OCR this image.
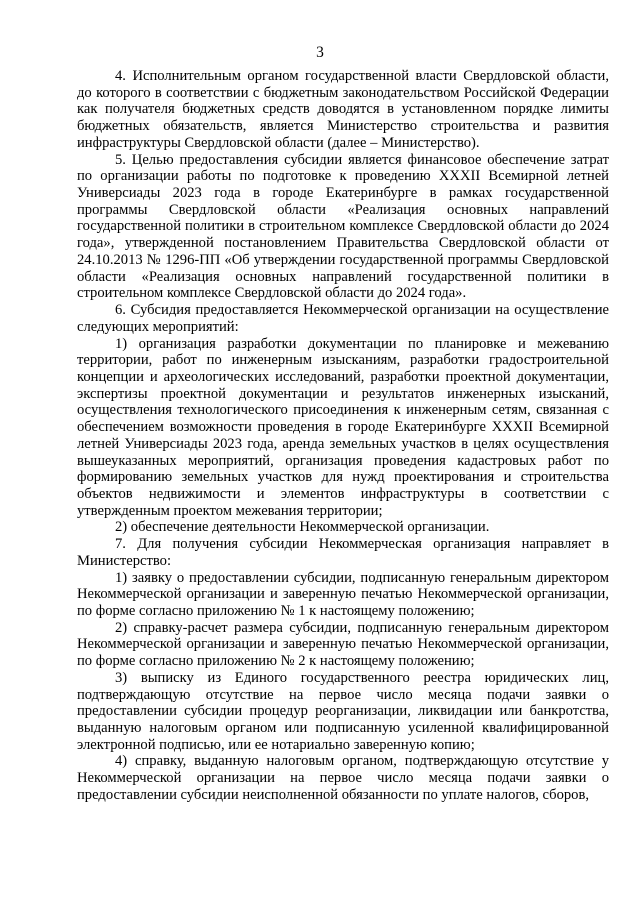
3

4. Исполнительным органом государственной власти Свердловской области, до которого в соответствии с бюджетным законодательством Российской Федерации как получателя бюджетных средств доводятся в установленном порядке лимиты бюджетных обязательств, является Министерство строительства и развития инфраструктуры Свердловской области (далее – Министерство).

5. Целью предоставления субсидии является финансовое обеспечение затрат по организации работы по подготовке к проведению XXXII Всемирной летней Универсиады 2023 года в городе Екатеринбурге в рамках государственной программы Свердловской области «Реализация основных направлений государственной политики в строительном комплексе Свердловской области до 2024 года», утвержденной постановлением Правительства Свердловской области от 24.10.2013 № 1296-ПП «Об утверждении государственной программы Свердловской области «Реализация основных направлений государственной политики в строительном комплексе Свердловской области до 2024 года».

6. Субсидия предоставляется Некоммерческой организации на осуществление следующих мероприятий:

1) организация разработки документации по планировке и межеванию территории, работ по инженерным изысканиям, разработки градостроительной концепции и археологических исследований, разработки проектной документации, экспертизы проектной документации и результатов инженерных изысканий, осуществления технологического присоединения к инженерным сетям, связанная с обеспечением возможности проведения в городе Екатеринбурге XXXII Всемирной летней Универсиады 2023 года, аренда земельных участков в целях осуществления вышеуказанных мероприятий, организация проведения кадастровых работ по формированию земельных участков для нужд проектирования и строительства объектов недвижимости и элементов инфраструктуры в соответствии с утвержденным проектом межевания территории;

2) обеспечение деятельности Некоммерческой организации.

7. Для получения субсидии Некоммерческая организация направляет в Министерство:

1) заявку о предоставлении субсидии, подписанную генеральным директором Некоммерческой организации и заверенную печатью Некоммерческой организации, по форме согласно приложению № 1 к настоящему положению;

2) справку-расчет размера субсидии, подписанную генеральным директором Некоммерческой организации и заверенную печатью Некоммерческой организации, по форме согласно приложению № 2 к настоящему положению;

3) выписку из Единого государственного реестра юридических лиц, подтверждающую отсутствие на первое число месяца подачи заявки о предоставлении субсидии процедур реорганизации, ликвидации или банкротства, выданную налоговым органом или подписанную усиленной квалифицированной электронной подписью, или ее нотариально заверенную копию;

4) справку, выданную налоговым органом, подтверждающую отсутствие у Некоммерческой организации на первое число месяца подачи заявки о предоставлении субсидии неисполненной обязанности по уплате налогов, сборов,
